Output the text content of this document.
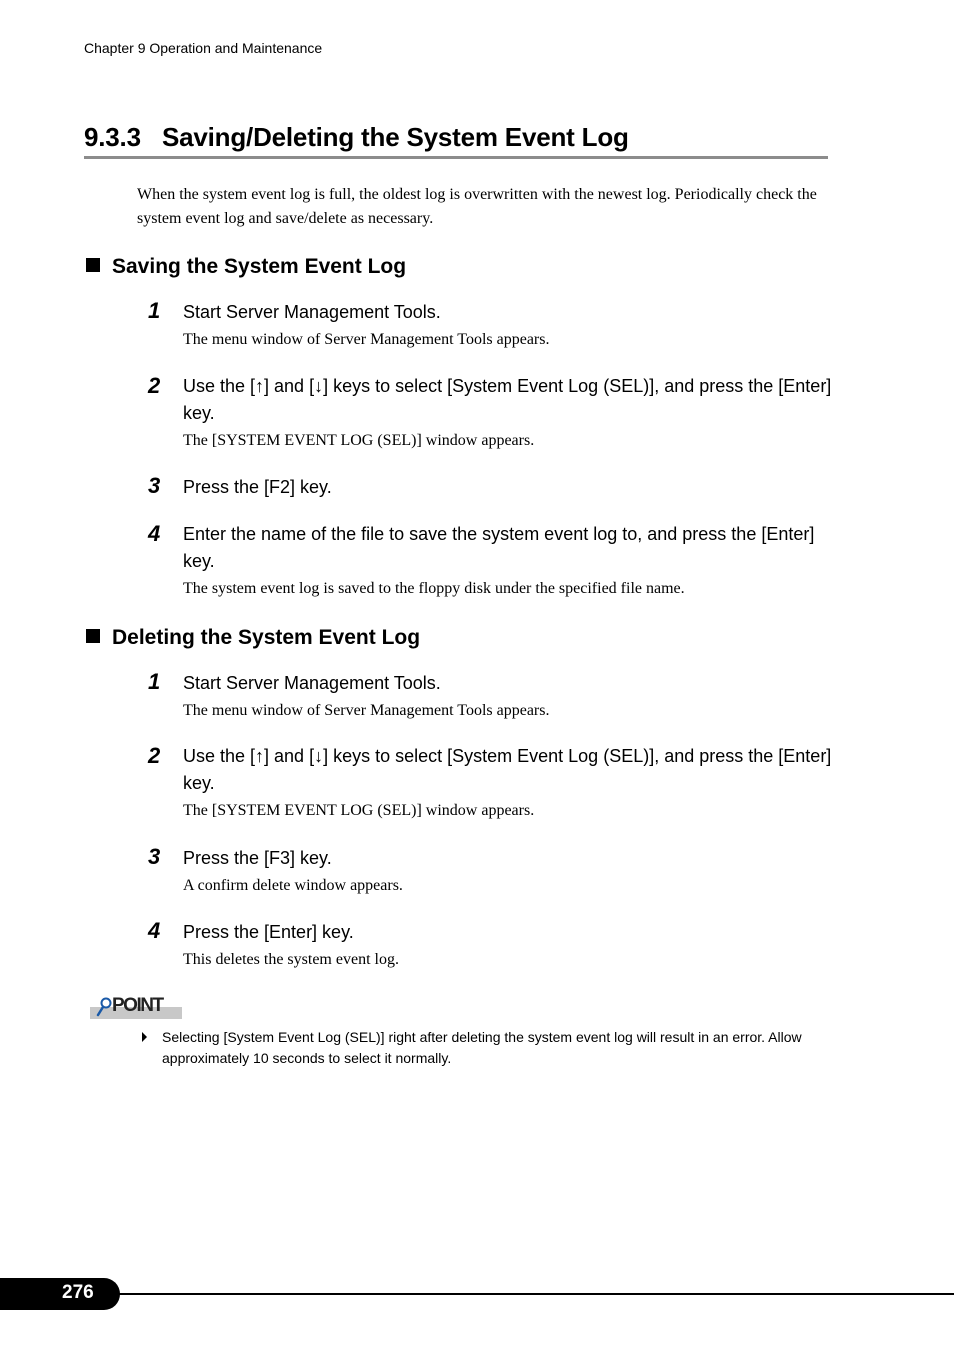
Chapter 9 Operation and Maintenance
9.3.3 Saving/Deleting the System Event Log
When the system event log is full, the oldest log is overwritten with the newest log. Periodically check the system event log and save/delete as necessary.
Saving the System Event Log
1 Start Server Management Tools.
The menu window of Server Management Tools appears.
2 Use the [↑] and [↓] keys to select [System Event Log (SEL)], and press the [Enter] key.
The [SYSTEM EVENT LOG (SEL)] window appears.
3 Press the [F2] key.
4 Enter the name of the file to save the system event log to, and press the [Enter] key.
The system event log is saved to the floppy disk under the specified file name.
Deleting the System Event Log
1 Start Server Management Tools.
The menu window of Server Management Tools appears.
2 Use the [↑] and [↓] keys to select [System Event Log (SEL)], and press the [Enter] key.
The [SYSTEM EVENT LOG (SEL)] window appears.
3 Press the [F3] key.
A confirm delete window appears.
4 Press the [Enter] key.
This deletes the system event log.
POINT
Selecting [System Event Log (SEL)] right after deleting the system event log will result in an error. Allow approximately 10 seconds to select it normally.
276
